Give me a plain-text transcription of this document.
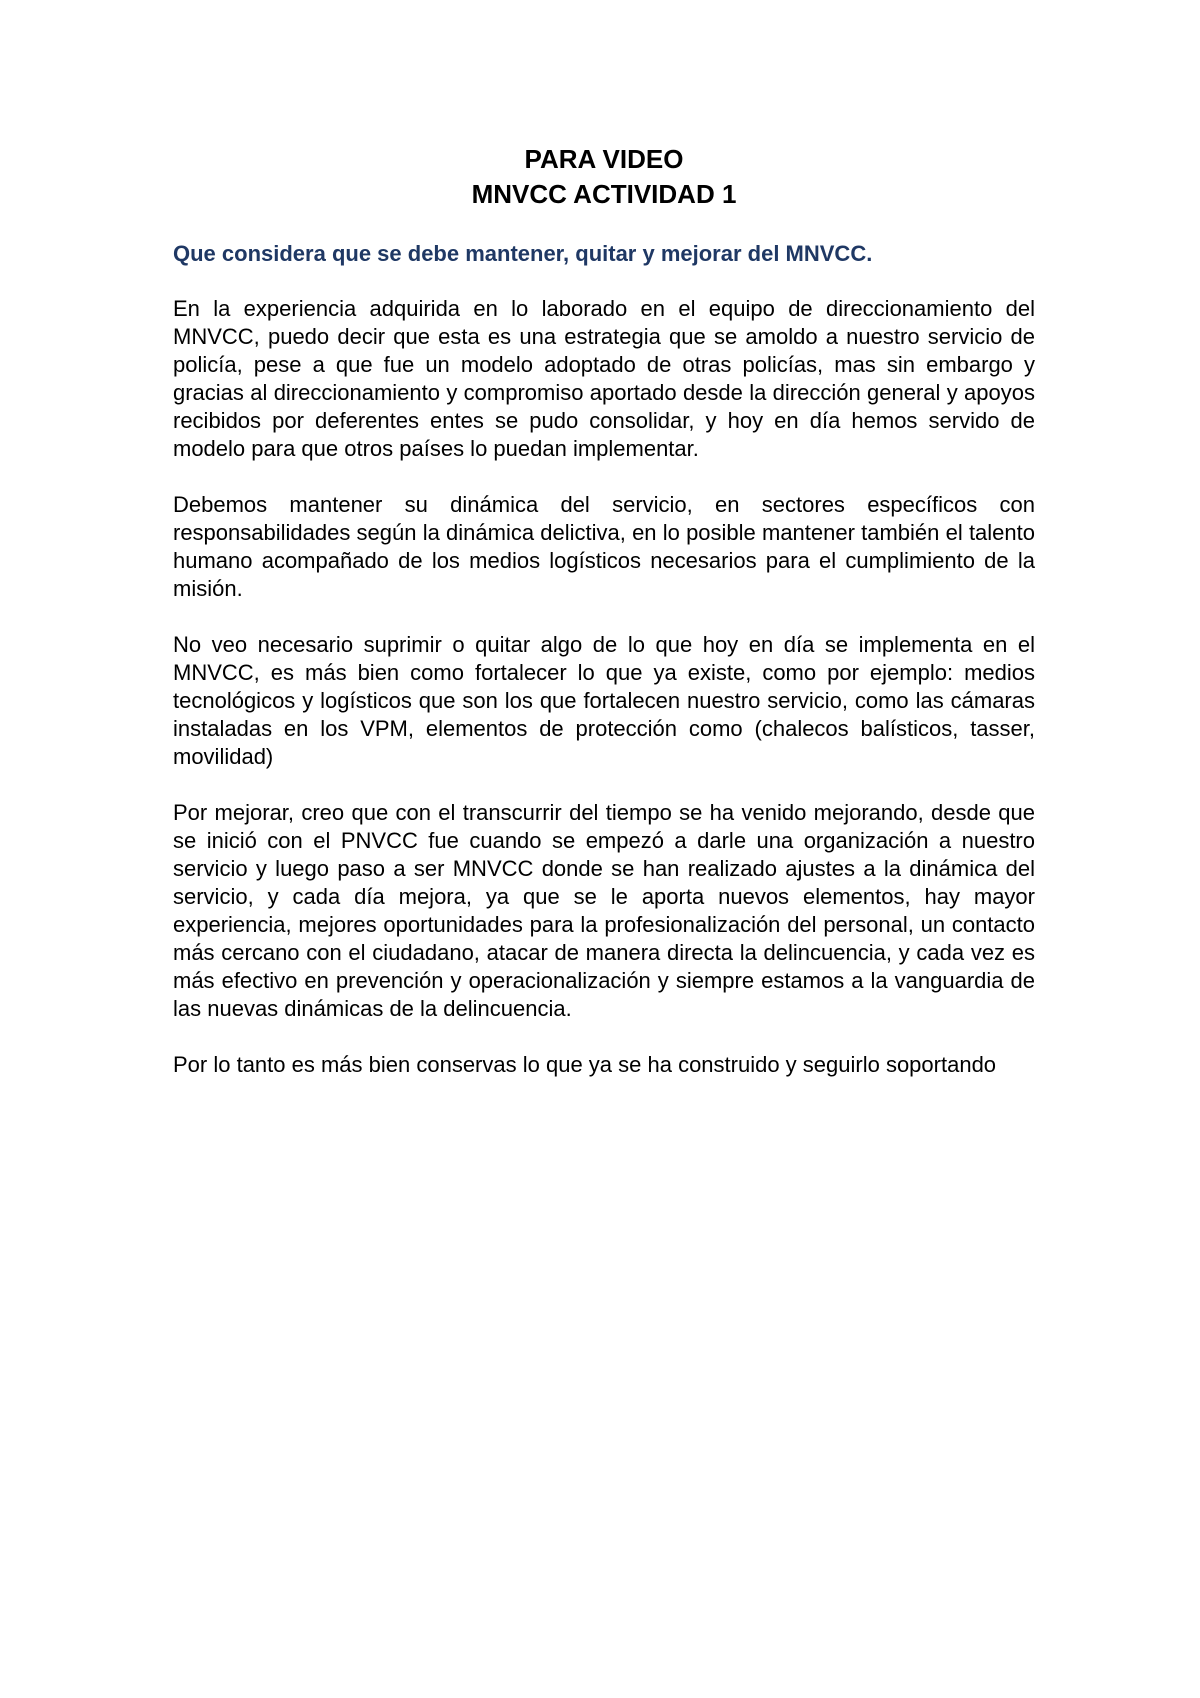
PARA VIDEO
MNVCC ACTIVIDAD 1

Que considera que se debe mantener, quitar y mejorar del MNVCC.

En la experiencia adquirida en lo laborado en el equipo de direccionamiento del MNVCC, puedo decir que esta es una estrategia que se amoldo a nuestro servicio de policía, pese a que fue un modelo adoptado de otras policías, mas sin embargo y gracias al direccionamiento y compromiso aportado desde la dirección general y apoyos recibidos por deferentes entes se pudo consolidar, y hoy en día hemos servido de modelo para que otros países lo puedan implementar.

Debemos mantener su dinámica del servicio, en sectores específicos con responsabilidades según la dinámica delictiva, en lo posible mantener también el talento humano acompañado de los medios logísticos necesarios para el cumplimiento de la misión.

No veo necesario suprimir o quitar algo de lo que hoy en día se implementa en el MNVCC, es más bien como fortalecer lo que ya existe, como por ejemplo: medios tecnológicos y logísticos que son los que fortalecen nuestro servicio, como las cámaras instaladas en los VPM, elementos de protección como (chalecos balísticos, tasser, movilidad)

Por mejorar, creo que con el transcurrir del tiempo se ha venido mejorando, desde que se inició con el PNVCC fue cuando se empezó a darle una organización a nuestro servicio y luego paso a ser MNVCC donde se han realizado ajustes a la dinámica del servicio, y cada día mejora, ya que se le aporta nuevos elementos, hay mayor experiencia, mejores oportunidades para la profesionalización del personal, un contacto más cercano con el ciudadano, atacar de manera directa la delincuencia, y cada vez es más efectivo en prevención y operacionalización y siempre estamos a la vanguardia de las nuevas dinámicas de la delincuencia.

Por lo tanto es más bien conservas lo que ya se ha construido y seguirlo soportando
